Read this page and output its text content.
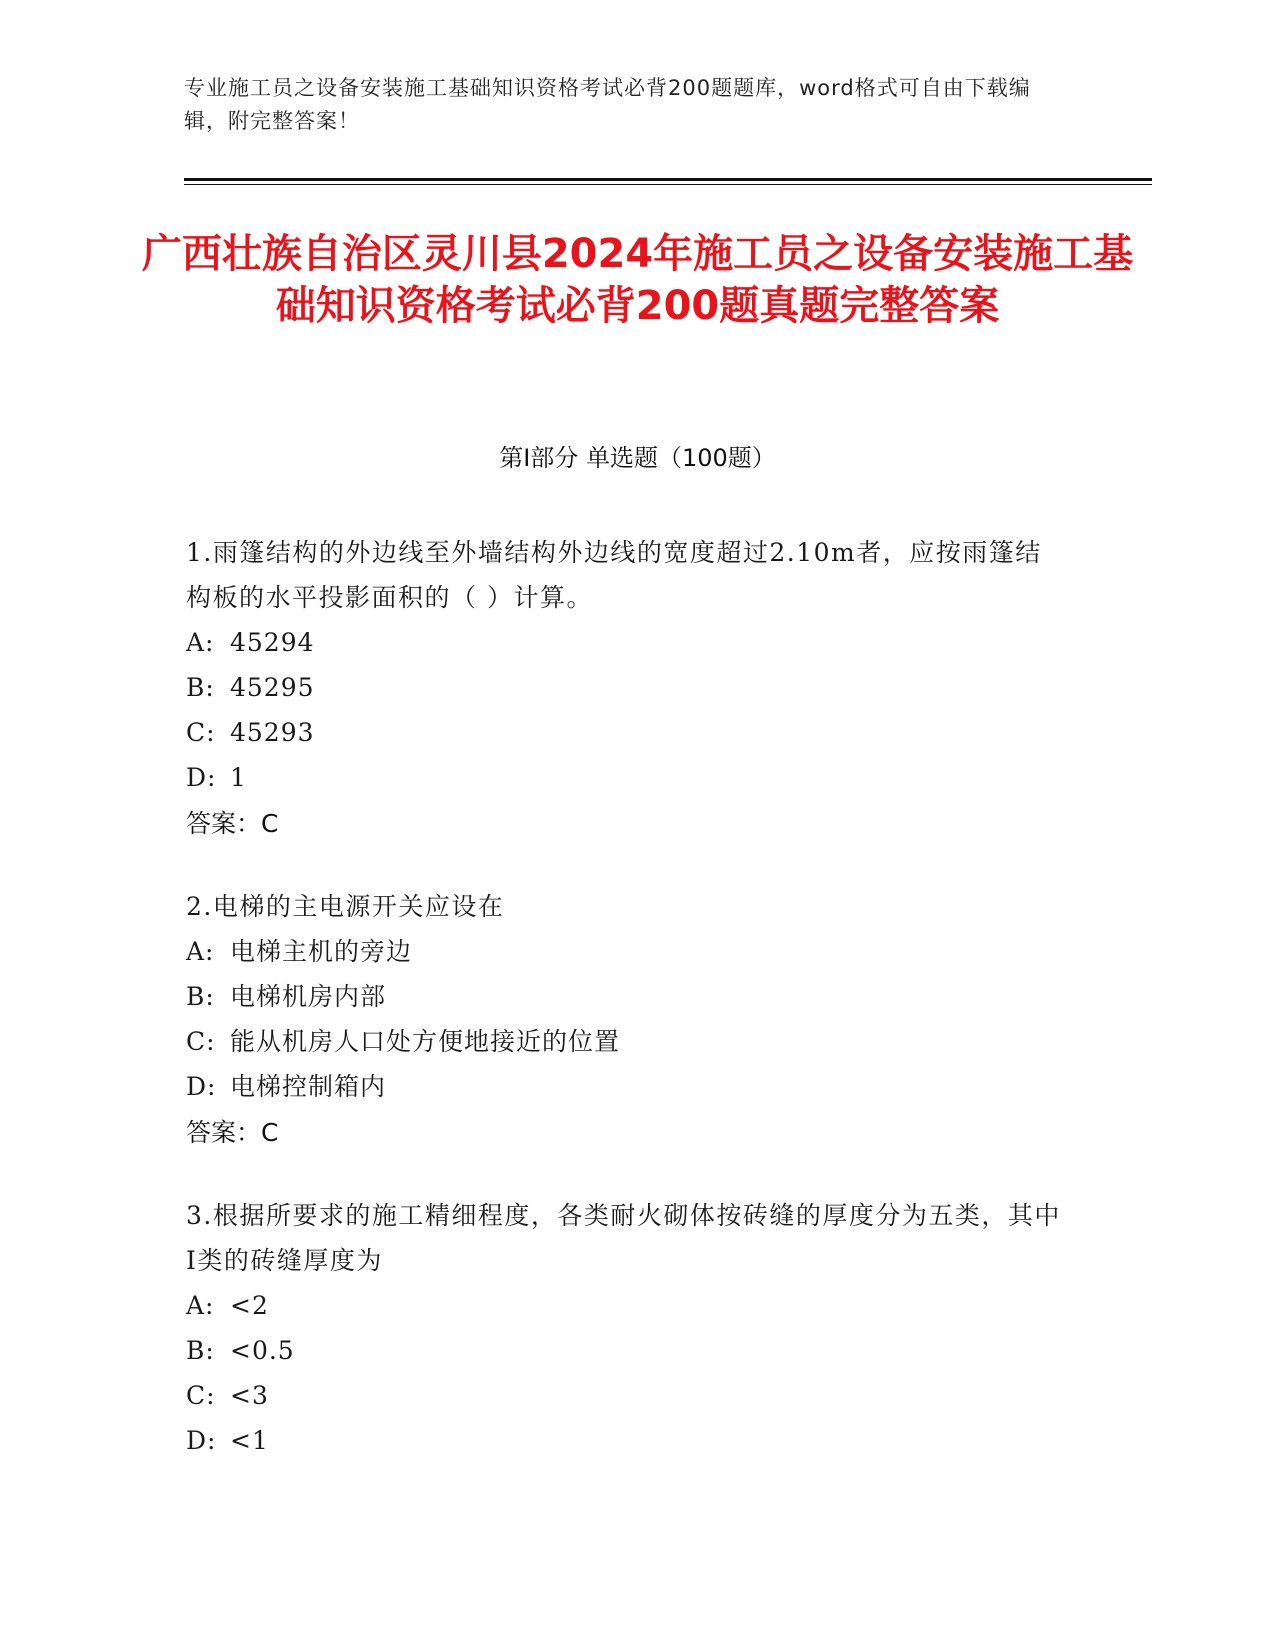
专业施工员之设备安装施工基础知识资格考试必背200题题库，word格式可自由下载编辑，附完整答案！
广西壮族自治区灵川县2024年施工员之设备安装施工基础知识资格考试必背200题真题完整答案
第Ⅰ部分 单选题（100题）

1.雨篷结构的外边线至外墙结构外边线的宽度超过2.10m者，应按雨篷结构板的水平投影面积的（ ）计算。

A: 45294

B: 45295

C: 45293

D: 1

答案：C

2.电梯的主电源开关应设在

A: 电梯主机的旁边

B: 电梯机房内部

C: 能从机房人口处方便地接近的位置

D: 电梯控制箱内

答案：C

3.根据所要求的施工精细程度，各类耐火砌体按砖缝的厚度分为五类，其中Ⅰ类的砖缝厚度为

A: <2

B: <0.5

C: <3

D: <1
